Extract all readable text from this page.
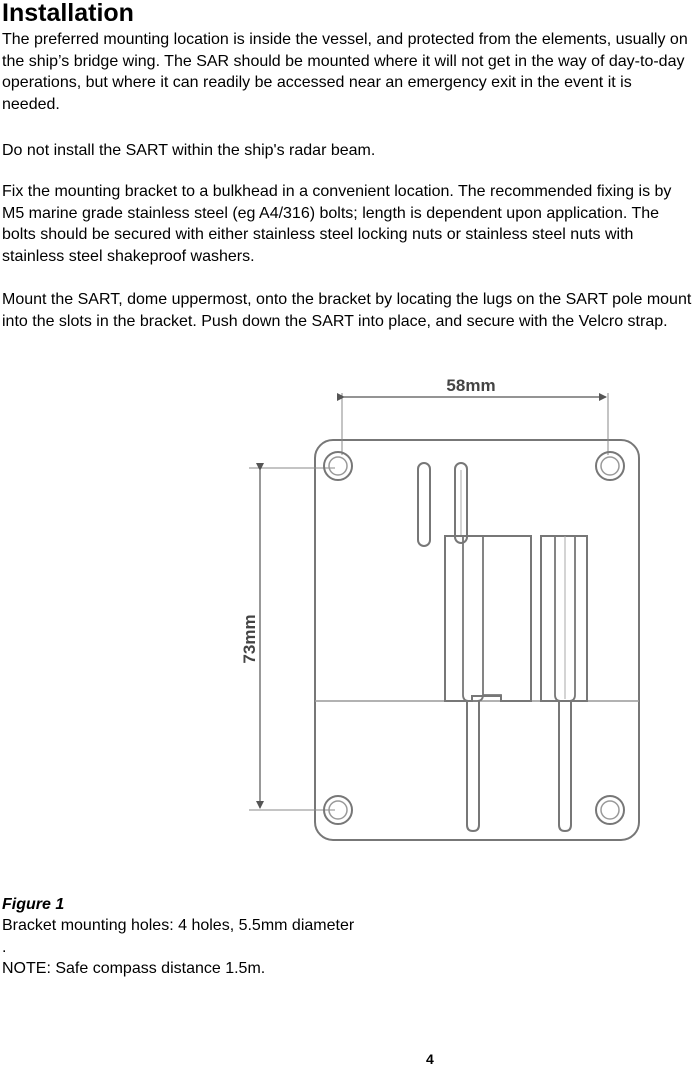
Installation

The preferred mounting location is inside the vessel, and protected from the elements, usually on the ship’s bridge wing. The SAR should be mounted where it will not get in the way of day-to-day operations, but where it can readily be accessed near an emergency exit in the event it is needed.

Do not install the SART within the ship's radar beam.

Fix the mounting bracket to a bulkhead in a convenient location. The recommended fixing is by M5 marine grade stainless steel (eg A4/316) bolts; length is dependent upon application. The bolts should be secured with either stainless steel locking nuts or stainless steel nuts with stainless steel shakeproof washers.

Mount the SART, dome uppermost, onto the bracket by locating the lugs on the SART pole mount into the slots in the bracket. Push down the SART into place, and secure with the Velcro strap.

58mm
73mm

Figure 1

Bracket mounting holes: 4 holes, 5.5mm diameter

.

NOTE: Safe compass distance 1.5m.

4
